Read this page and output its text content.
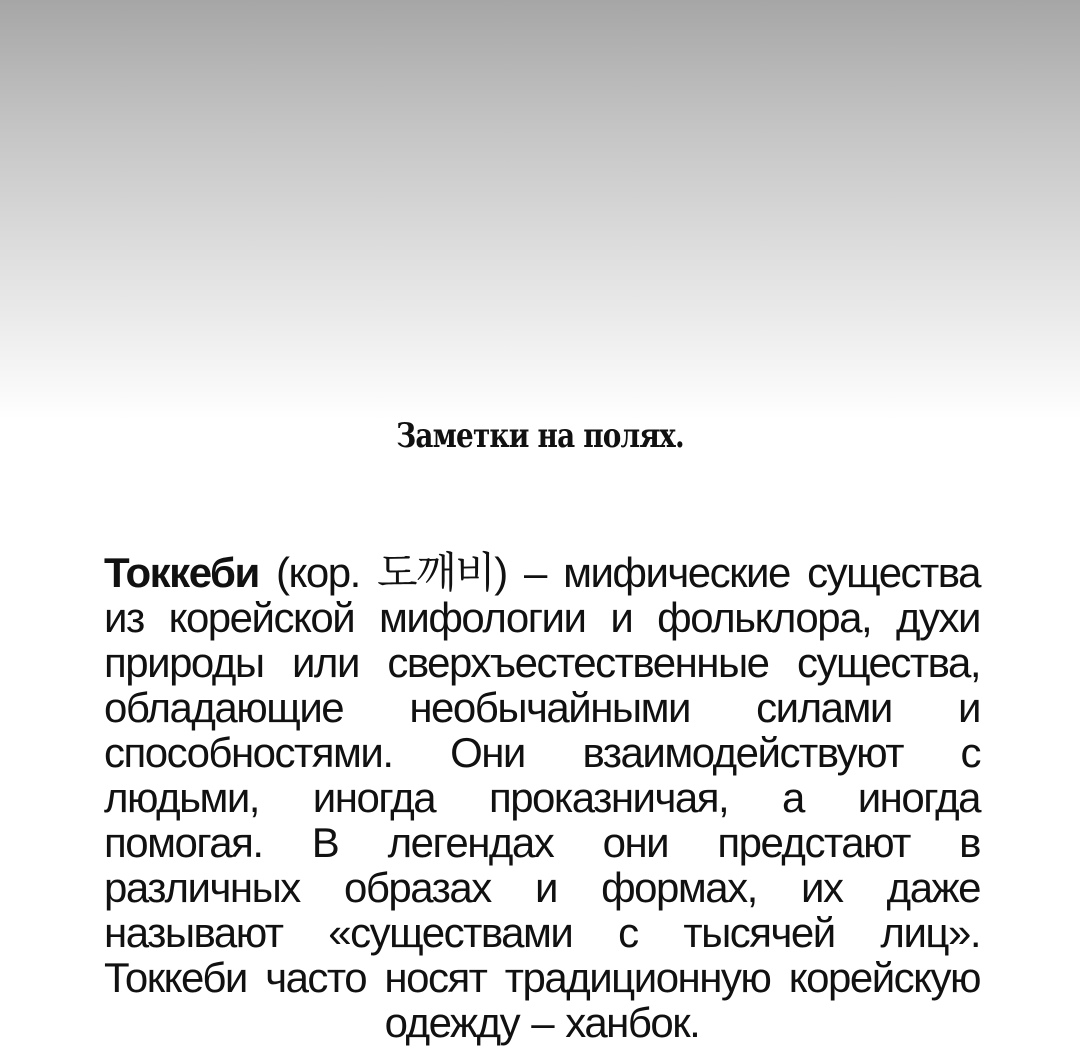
Заметки на полях.

Токкеби (кор. 도깨비) – мифические существа из корейской мифологии и фольклора, духи природы или сверхъестественные существа, обладающие необычайными силами и способностями. Они взаимодействуют с людьми, иногда проказничая, а иногда помогая. В легендах они предстают в различных образах и формах, их даже называют «существами с тысячей лиц». Токкеби часто носят традиционную корейскую одежду – ханбок.
